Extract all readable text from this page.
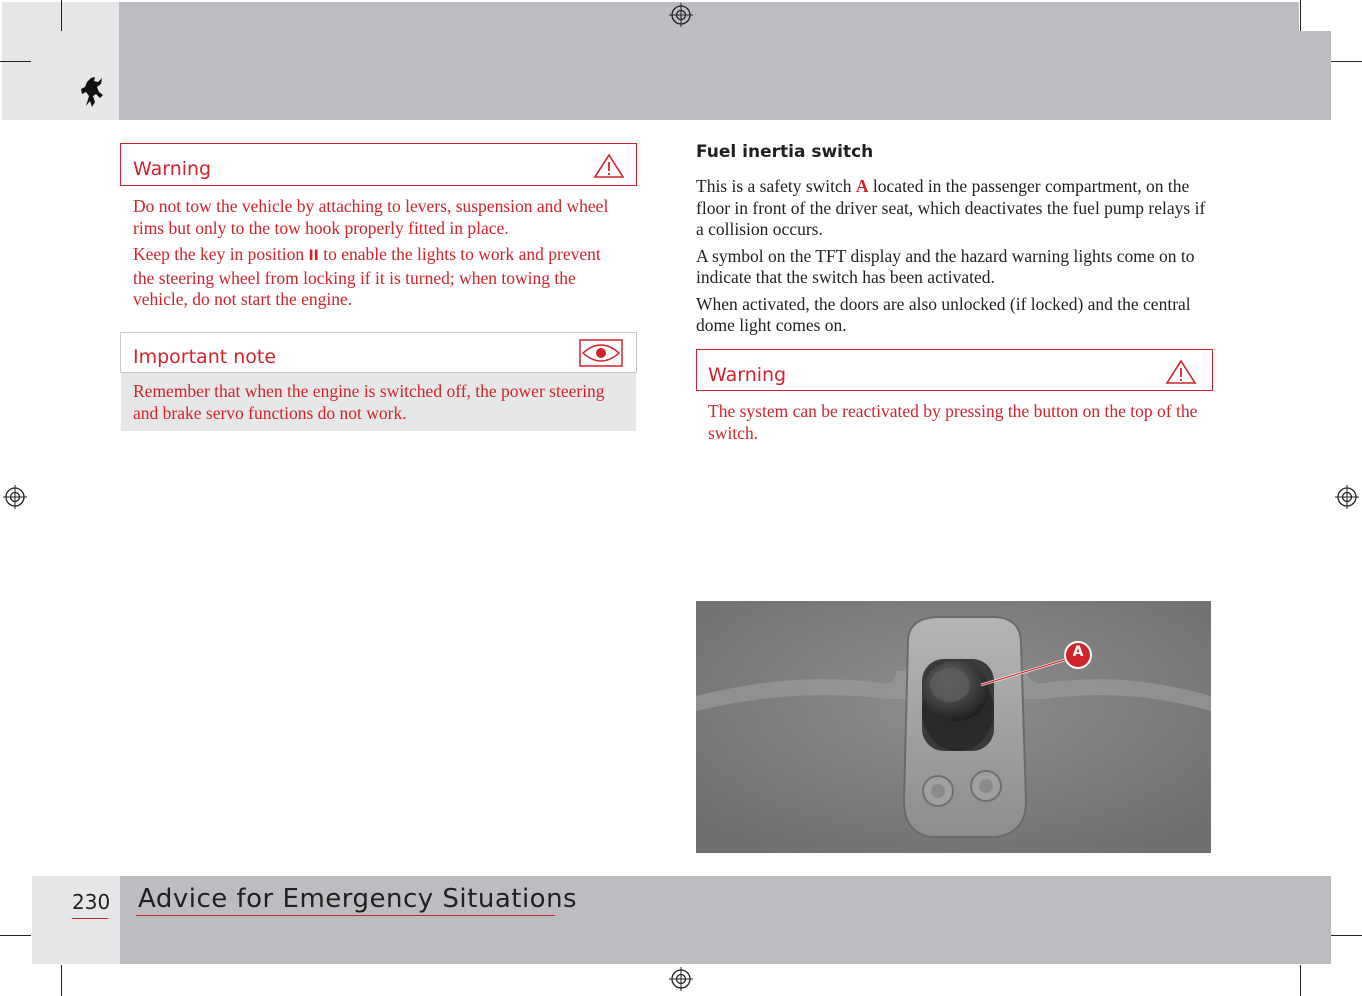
Warning
Do not tow the vehicle by attaching to levers, suspension and wheel rims but only to the tow hook properly fitted in place.
Keep the key in position II to enable the lights to work and prevent the steering wheel from locking if it is turned; when towing the vehicle, do not start the engine.
Important note
Remember that when the engine is switched off, the power steering and brake servo functions do not work.
Fuel inertia switch
This is a safety switch A located in the passenger compartment, on the floor in front of the driver seat, which deactivates the fuel pump relays if a collision occurs.
A symbol on the TFT display and the hazard warning lights come on to indicate that the switch has been activated.
When activated, the doors are also unlocked (if locked) and the central dome light comes on.
Warning
The system can be reactivated by pressing the button on the top of the switch.
A
230 Advice for Emergency Situations
